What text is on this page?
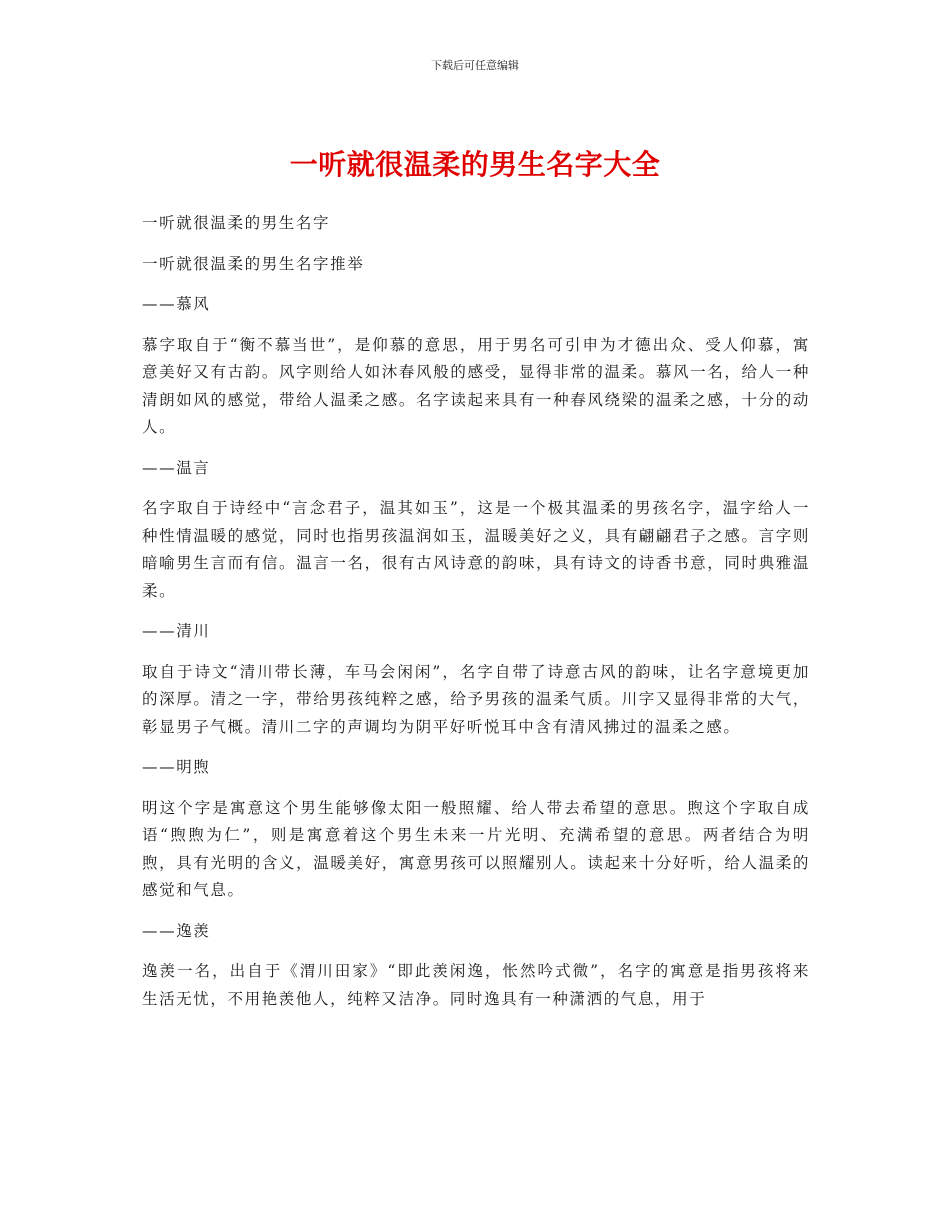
下载后可任意编辑
一听就很温柔的男生名字大全

一听就很温柔的男生名字

一听就很温柔的男生名字推举

——慕风

慕字取自于“衡不慕当世”，是仰慕的意思，用于男名可引申为才德出众、受人仰慕，寓意美好又有古韵。风字则给人如沐春风般的感受，显得非常的温柔。慕风一名，给人一种清朗如风的感觉，带给人温柔之感。名字读起来具有一种春风绕梁的温柔之感，十分的动人。

——温言

名字取自于诗经中“言念君子，温其如玉”，这是一个极其温柔的男孩名字，温字给人一种性情温暖的感觉，同时也指男孩温润如玉，温暖美好之义，具有翩翩君子之感。言字则暗喻男生言而有信。温言一名，很有古风诗意的韵味，具有诗文的诗香书意，同时典雅温柔。

——清川

取自于诗文“清川带长薄，车马会闲闲”，名字自带了诗意古风的韵味，让名字意境更加的深厚。清之一字，带给男孩纯粹之感，给予男孩的温柔气质。川字又显得非常的大气，彰显男子气概。清川二字的声调均为阴平好听悦耳中含有清风拂过的温柔之感。

——明煦

明这个字是寓意这个男生能够像太阳一般照耀、给人带去希望的意思。煦这个字取自成语“煦煦为仁”，则是寓意着这个男生未来一片光明、充满希望的意思。两者结合为明煦，具有光明的含义，温暖美好，寓意男孩可以照耀别人。读起来十分好听，给人温柔的感觉和气息。

——逸羡

逸羡一名，出自于《渭川田家》“即此羡闲逸，怅然吟式微”，名字的寓意是指男孩将来生活无忧，不用艳羡他人，纯粹又洁净。同时逸具有一种潇洒的气息，用于
